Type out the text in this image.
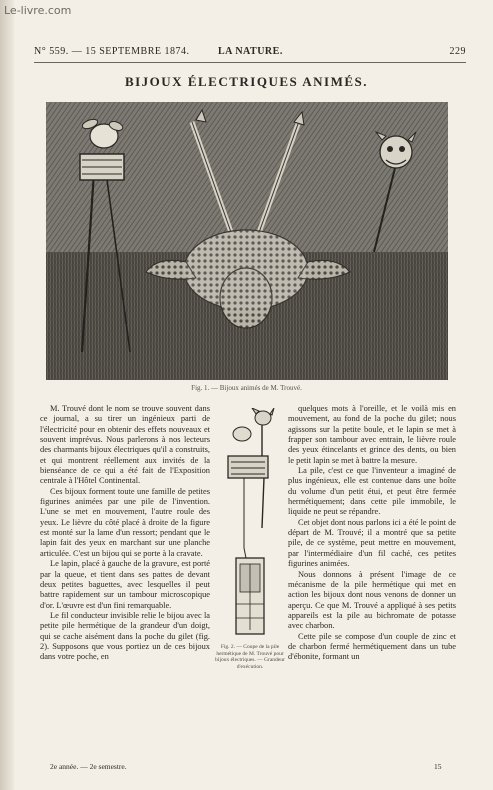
Le-livre.com
N° 559. — 15 SEPTEMBRE 1874.	LA NATURE.	229
BIJOUX ÉLECTRIQUES ANIMÉS.
Fig. 1. — Bijoux animés de M. Trouvé.

M. Trouvé dont le nom se trouve souvent dans ce journal, a su tirer un ingénieux parti de l'électricité pour en obtenir des effets nouveaux et souvent imprévus. Nous parlerons à nos lecteurs des charmants bijoux électriques qu'il a construits, et qui montrent réellement aux invités de la bienséance de ce qui a été fait de l'Exposition centrale à l'Hôtel Continental.

Ces bijoux forment toute une famille de petites figurines animées par une pile de l'invention. L'une se met en mouvement, l'autre roule des yeux. Le lièvre du côté placé à droite de la figure est monté sur la lame d'un ressort; pendant que le lapin fait des yeux en marchant sur une planche articulée. C'est un bijou qui se porte à la cravate.

Le lapin, placé à gauche de la gravure, est porté par la queue, et tient dans ses pattes de devant deux petites baguettes, avec lesquelles il peut battre rapidement sur un tambour microscopique d'or. L'œuvre est d'un fini remarquable.

Le fil conducteur invisible relie le bijou avec la petite pile hermétique de la grandeur d'un doigt, qui se cache aisément dans la poche du gilet (fig. 2). Supposons que vous portiez un de ces bijoux dans votre poche, en

Fig. 2. — Coupe de la pile hermétique de M. Trouvé pour bijoux électriques. — Grandeur d'exécution.

quelques mots à l'oreille, et le voilà mis en mouvement, au fond de la poche du gilet; nous agissons sur la petite boule, et le lapin se met à frapper son tambour avec entrain, le lièvre roule des yeux étincelants et grince des dents, ou bien le petit lapin se met à battre la mesure.

La pile, c'est ce que l'inventeur a imaginé de plus ingénieux, elle est contenue dans une boîte du volume d'un petit étui, et peut être fermée hermétiquement; dans cette pile immobile, le liquide ne peut se répandre.

Cet objet dont nous parlons ici a été le point de départ de M. Trouvé; il a montré que sa petite pile, de ce système, peut mettre en mouvement, par l'intermédiaire d'un fil caché, ces petites figurines animées.

Nous donnons à présent l'image de ce mécanisme de la pile hermétique qui met en action les bijoux dont nous venons de donner un aperçu. Ce que M. Trouvé a appliqué à ses petits appareils est la pile au bichromate de potasse avec charbon.

Cette pile se compose d'un couple de zinc et de charbon fermé hermétiquement dans un tube d'ébonite, formant un

2e année. — 2e semestre.	15
